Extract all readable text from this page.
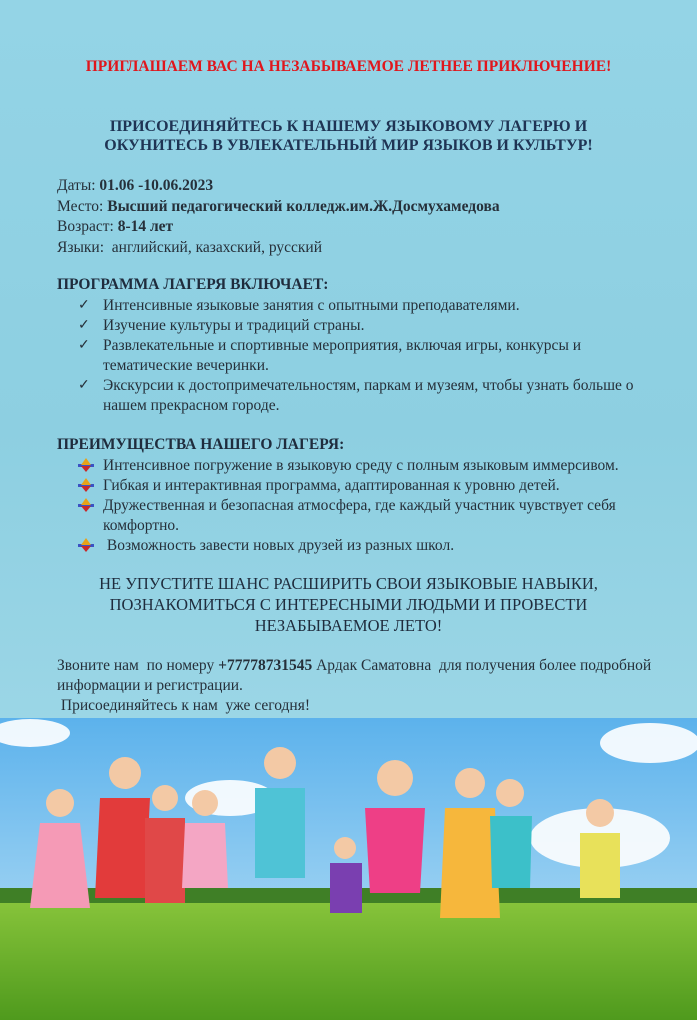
ПРИГЛАШАЕМ ВАС НА НЕЗАБЫВАЕМОЕ ЛЕТНЕЕ ПРИКЛЮЧЕНИЕ!
ПРИСОЕДИНЯЙТЕСЬ К НАШЕМУ ЯЗЫКОВОМУ ЛАГЕРЮ И ОКУНИТЕСЬ В УВЛЕКАТЕЛЬНЫЙ МИР ЯЗЫКОВ И КУЛЬТУР!
Даты: 01.06 -10.06.2023
Место: Высший педагогический колледж.им.Ж.Досмухамедова
Возраст: 8-14 лет
Языки:  английский, казахский, русский
ПРОГРАММА ЛАГЕРЯ ВКЛЮЧАЕТ:
✓ Интенсивные языковые занятия с опытными преподавателями.
✓ Изучение культуры и традиций страны.
✓ Развлекательные и спортивные мероприятия, включая игры, конкурсы и тематические вечеринки.
✓ Экскурсии к достопримечательностям, паркам и музеям, чтобы узнать больше о нашем прекрасном городе.
ПРЕИМУЩЕСТВА НАШЕГО ЛАГЕРЯ:
Интенсивное погружение в языковую среду с полным языковым иммерсивом.
Гибкая и интерактивная программа, адаптированная к уровню детей.
Дружественная и безопасная атмосфера, где каждый участник чувствует себя комфортно.
Возможность завести новых друзей из разных школ.
НЕ УПУСТИТЕ ШАНС РАСШИРИТЬ СВОИ ЯЗЫКОВЫЕ НАВЫКИ, ПОЗНАКОМИТЬСЯ С ИНТЕРЕСНЫМИ ЛЮДЬМИ И ПРОВЕСТИ НЕЗАБЫВАЕМОЕ ЛЕТО!
Звоните нам  по номеру +77778731545 Ардак Саматовна  для получения более подробной информации и регистрации.
Присоединяйтесь к нам  уже сегодня!
